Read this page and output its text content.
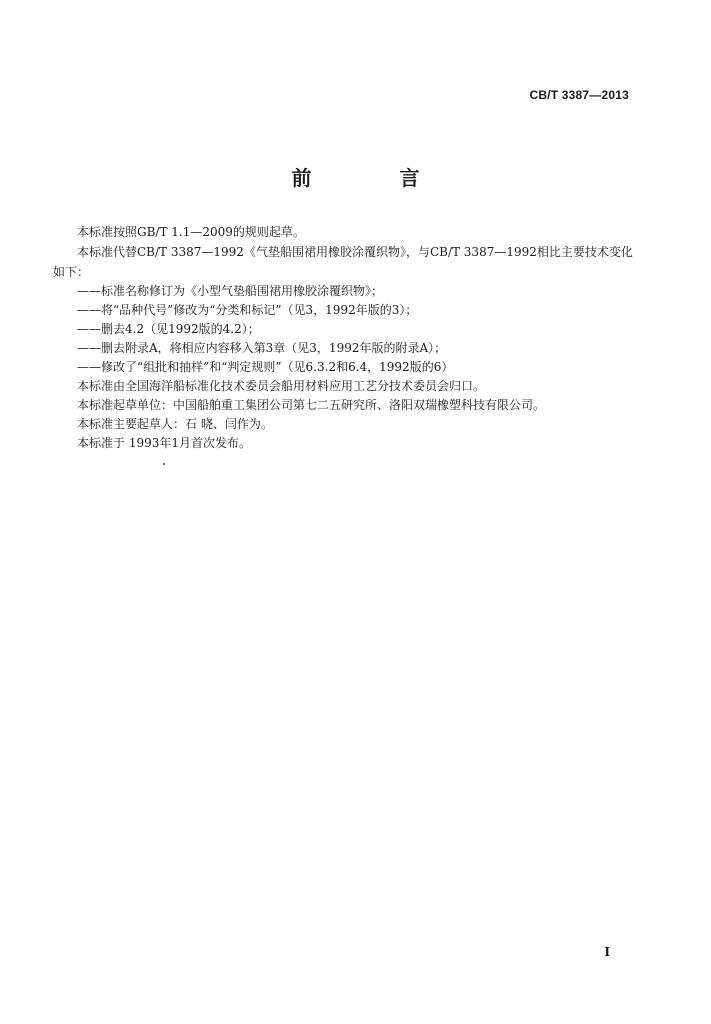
CB/T 3387—2013
前　言

本标准按照GB/T 1.1—2009的规则起草。

本标准代替CB/T 3387—1992《气垫船围裙用橡胶涂覆织物》，与CB/T 3387—1992相比主要技术变化如下：

——标准名称修订为《小型气垫船围裙用橡胶涂覆织物》；

——将“品种代号”修改为“分类和标记”（见3，1992年版的3）；

——删去4.2（见1992版的4.2）；

——删去附录A，将相应内容移入第3章（见3，1992年版的附录A）；

——修改了“组批和抽样”和“判定规则”（见6.3.2和6.4，1992版的6）

本标准由全国海洋船标准化技术委员会船用材料应用工艺分技术委员会归口。

本标准起草单位：中国船舶重工集团公司第七二五研究所、洛阳双瑞橡塑科技有限公司。

本标准主要起草人：石 晓、闫作为。

本标准于 1993年1月首次发布。

I
